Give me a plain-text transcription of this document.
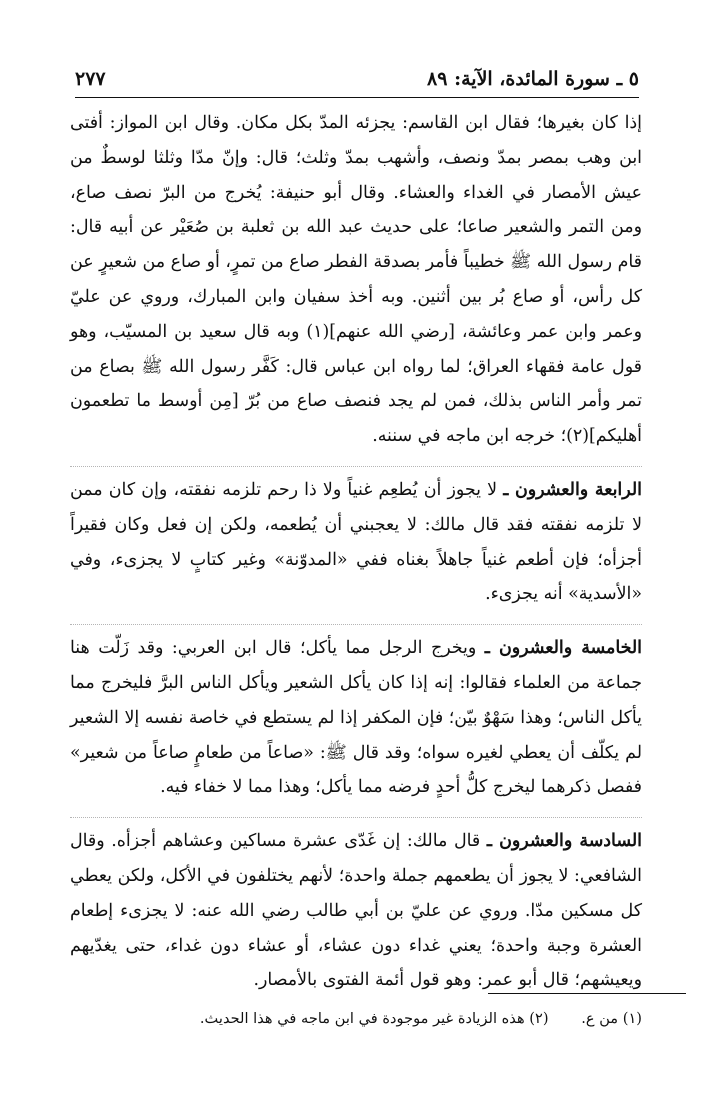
٢٧٧	٥ ـ سورة المائدة، الآية: ٨٩

إذا كان بغيرها؛ فقال ابن القاسم: يجزئه المدّ بكل مكان. وقال ابن المواز: أفتى ابن وهب بمصر بمدّ ونصف، وأشهب بمدّ وثلث؛ قال: وإنّ مدّا وثلثا لوسطٌ من عيش الأمصار في الغداء والعشاء. وقال أبو حنيفة: يُخرج من البرّ نصف صاع، ومن التمر والشعير صاعا؛ على حديث عبد الله بن ثعلبة بن صُعَيْر عن أبيه قال: قام رسول الله ﷺ خطيباً فأمر بصدقة الفطر صاع من تمرٍ، أو صاع من شعيرٍ عن كل رأس، أو صاع بُر بين أثنين. وبه أخذ سفيان وابن المبارك، وروي عن عليّ وعمر وابن عمر وعائشة، [رضي الله عنهم](١) وبه قال سعيد بن المسيّب، وهو قول عامة فقهاء العراق؛ لما رواه ابن عباس قال: كَفَّر رسول الله ﷺ بصاع من تمر وأمر الناس بذلك، فمن لم يجد فنصف صاع من بُرّ [مِن أوسط ما تطعمون أهليكم](٢)؛ خرجه ابن ماجه في سننه.

الرابعة والعشرون ـ لا يجوز أن يُطعِم غنياً ولا ذا رحم تلزمه نفقته، وإن كان ممن لا تلزمه نفقته فقد قال مالك: لا يعجبني أن يُطعمه، ولكن إن فعل وكان فقيراً أجزأه؛ فإن أطعم غنياً جاهلاً بغناه ففي «المدوّنة» وغير كتابٍ لا يجزىء، وفي «الأسدية» أنه يجزىء.

الخامسة والعشرون ـ ويخرج الرجل مما يأكل؛ قال ابن العربي: وقد زَلّت هنا جماعة من العلماء فقالوا: إنه إذا كان يأكل الشعير ويأكل الناس البرَّ فليخرج مما يأكل الناس؛ وهذا سَهْوٌ بيّن؛ فإن المكفر إذا لم يستطع في خاصة نفسه إلا الشعير لم يكلّف أن يعطي لغيره سواه؛ وقد قال ﷺ: «صاعاً من طعامٍ صاعاً من شعير» ففصل ذكرهما ليخرج كلُّ أحدٍ فرضه مما يأكل؛ وهذا مما لا خفاء فيه.

السادسة والعشرون ـ قال مالك: إن غَدّى عشرة مساكين وعشاهم أجزأه. وقال الشافعي: لا يجوز أن يطعمهم جملة واحدة؛ لأنهم يختلفون في الأكل، ولكن يعطي كل مسكين مدّا. وروي عن عليّ بن أبي طالب رضي الله عنه: لا يجزىء إطعام العشرة وجبة واحدة؛ يعني غداء دون عشاء، أو عشاء دون غداء، حتى يغدّيهم ويعيشهم؛ قال أبو عمر: وهو قول أئمة الفتوى بالأمصار.

(١) من ع. (٢) هذه الزيادة غير موجودة في ابن ماجه في هذا الحديث.
